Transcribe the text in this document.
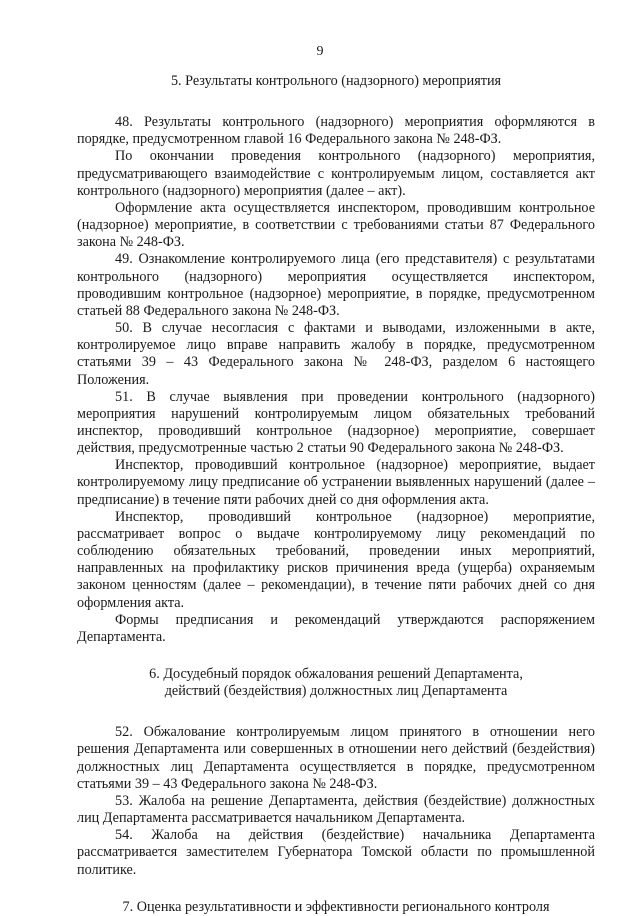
9
5. Результаты контрольного (надзорного) мероприятия

48. Результаты контрольного (надзорного) мероприятия оформляются в порядке, предусмотренном главой 16 Федерального закона № 248-ФЗ.

По окончании проведения контрольного (надзорного) мероприятия, предусматривающего взаимодействие с контролируемым лицом, составляется акт контрольного (надзорного) мероприятия (далее – акт).

Оформление акта осуществляется инспектором, проводившим контрольное (надзорное) мероприятие, в соответствии с требованиями статьи 87 Федерального закона № 248-ФЗ.

49. Ознакомление контролируемого лица (его представителя) с результатами контрольного (надзорного) мероприятия осуществляется инспектором, проводившим контрольное (надзорное) мероприятие, в порядке, предусмотренном статьей 88 Федерального закона № 248-ФЗ.

50. В случае несогласия с фактами и выводами, изложенными в акте, контролируемое лицо вправе направить жалобу в порядке, предусмотренном статьями 39 – 43 Федерального закона № 248-ФЗ, разделом 6 настоящего Положения.

51. В случае выявления при проведении контрольного (надзорного) мероприятия нарушений контролируемым лицом обязательных требований инспектор, проводивший контрольное (надзорное) мероприятие, совершает действия, предусмотренные частью 2 статьи 90 Федерального закона № 248-ФЗ.

Инспектор, проводивший контрольное (надзорное) мероприятие, выдает контролируемому лицу предписание об устранении выявленных нарушений (далее – предписание) в течение пяти рабочих дней со дня оформления акта.

Инспектор, проводивший контрольное (надзорное) мероприятие, рассматривает вопрос о выдаче контролируемому лицу рекомендаций по соблюдению обязательных требований, проведении иных мероприятий, направленных на профилактику рисков причинения вреда (ущерба) охраняемым законом ценностям (далее – рекомендации), в течение пяти рабочих дней со дня оформления акта.

Формы предписания и рекомендаций утверждаются распоряжением Департамента.

6. Досудебный порядок обжалования решений Департамента,
действий (бездействия) должностных лиц Департамента

52. Обжалование контролируемым лицом принятого в отношении него решения Департамента или совершенных в отношении него действий (бездействия) должностных лиц Департамента осуществляется в порядке, предусмотренном статьями 39 – 43 Федерального закона № 248-ФЗ.

53. Жалоба на решение Департамента, действия (бездействие) должностных лиц Департамента рассматривается начальником Департамента.

54. Жалоба на действия (бездействие) начальника Департамента рассматривается заместителем Губернатора Томской области по промышленной политике.

7. Оценка результативности и эффективности регионального контроля
